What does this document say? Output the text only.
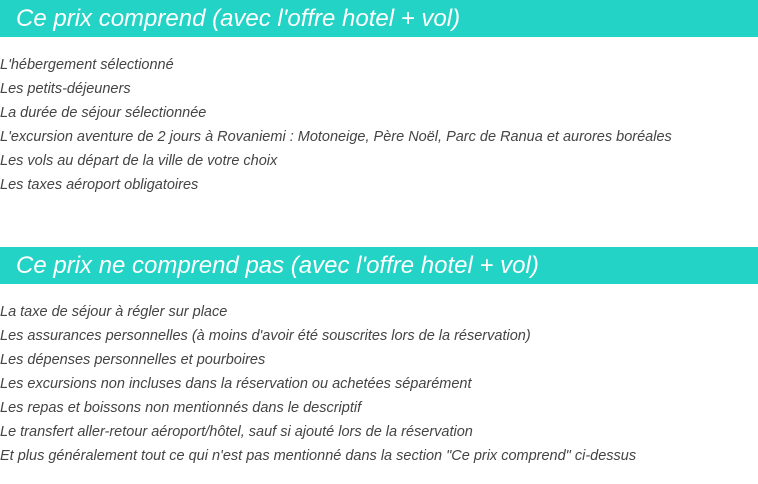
Ce prix comprend (avec l'offre hotel + vol)
L'hébergement sélectionné
Les petits-déjeuners
La durée de séjour sélectionnée
L'excursion aventure de 2 jours à Rovaniemi : Motoneige, Père Noël, Parc de Ranua et aurores boréales
Les vols au départ de la ville de votre choix
Les taxes aéroport obligatoires
Ce prix ne comprend pas (avec l'offre hotel + vol)
La taxe de séjour à régler sur place
Les assurances personnelles (à moins d'avoir été souscrites lors de la réservation)
Les dépenses personnelles et pourboires
Les excursions non incluses dans la réservation ou achetées séparément
Les repas et boissons non mentionnés dans le descriptif
Le transfert aller-retour aéroport/hôtel, sauf si ajouté lors de la réservation
Et plus généralement tout ce qui n'est pas mentionné dans la section "Ce prix comprend" ci-dessus
